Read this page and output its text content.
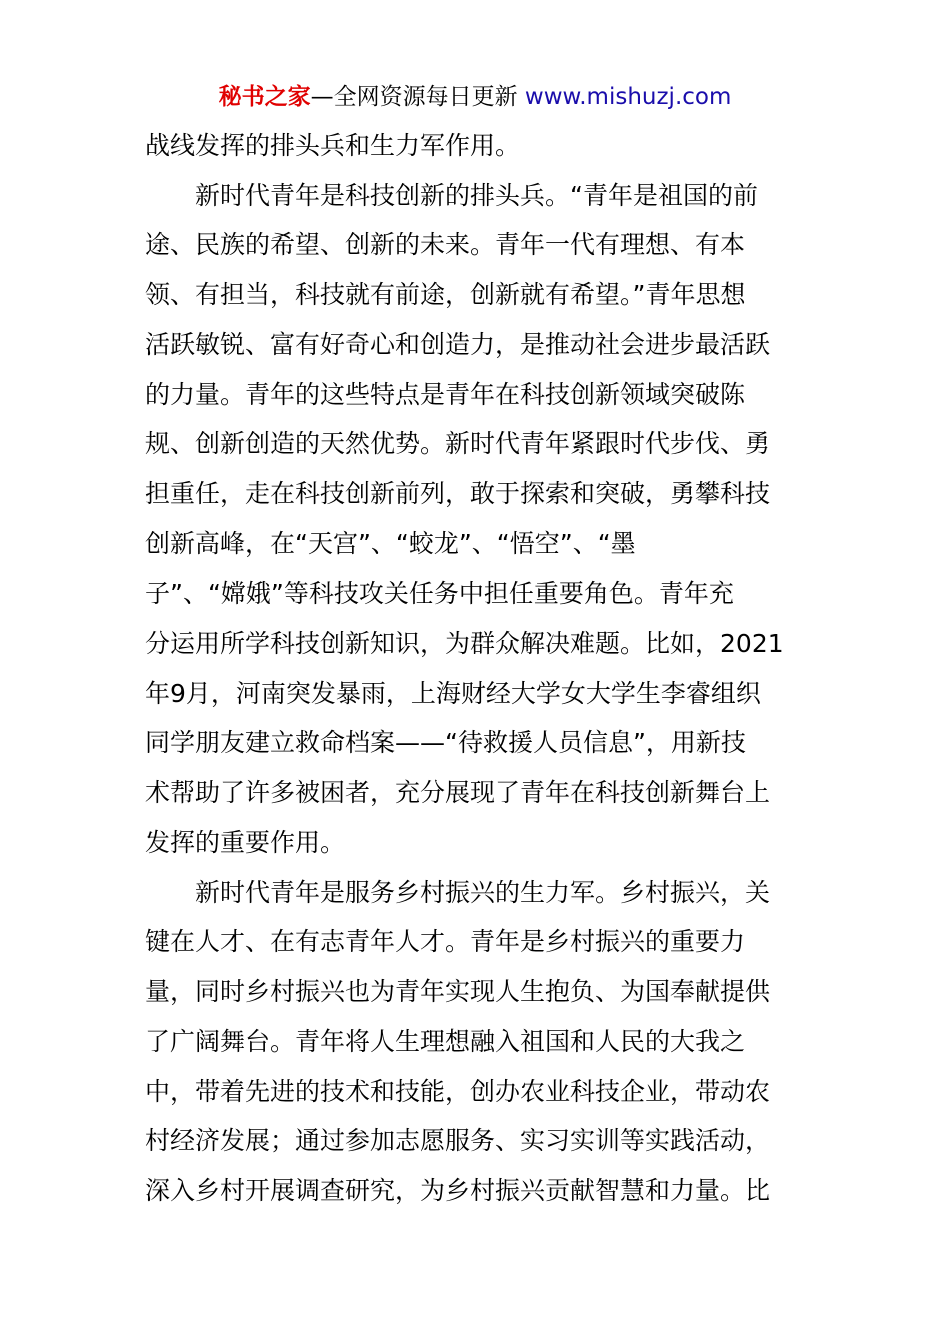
秘书之家—全网资源每日更新 www.mishuzj.com

战线发挥的排头兵和生力军作用。

　　新时代青年是科技创新的排头兵。“青年是祖国的前

途、民族的希望、创新的未来。青年一代有理想、有本

领、有担当，科技就有前途，创新就有希望。”青年思想

活跃敏锐、富有好奇心和创造力，是推动社会进步最活跃

的力量。青年的这些特点是青年在科技创新领域突破陈

规、创新创造的天然优势。新时代青年紧跟时代步伐、勇

担重任，走在科技创新前列，敢于探索和突破，勇攀科技

创新高峰，在“天宫”、“蛟龙”、“悟空”、“墨

子”、“嫦娥”等科技攻关任务中担任重要角色。青年充

分运用所学科技创新知识，为群众解决难题。比如，2021

年9月，河南突发暴雨，上海财经大学女大学生李睿组织

同学朋友建立救命档案——“待救援人员信息”，用新技

术帮助了许多被困者，充分展现了青年在科技创新舞台上

发挥的重要作用。

　　新时代青年是服务乡村振兴的生力军。乡村振兴，关

键在人才、在有志青年人才。青年是乡村振兴的重要力

量，同时乡村振兴也为青年实现人生抱负、为国奉献提供

了广阔舞台。青年将人生理想融入祖国和人民的大我之

中，带着先进的技术和技能，创办农业科技企业，带动农

村经济发展；通过参加志愿服务、实习实训等实践活动，

深入乡村开展调查研究，为乡村振兴贡献智慧和力量。比
